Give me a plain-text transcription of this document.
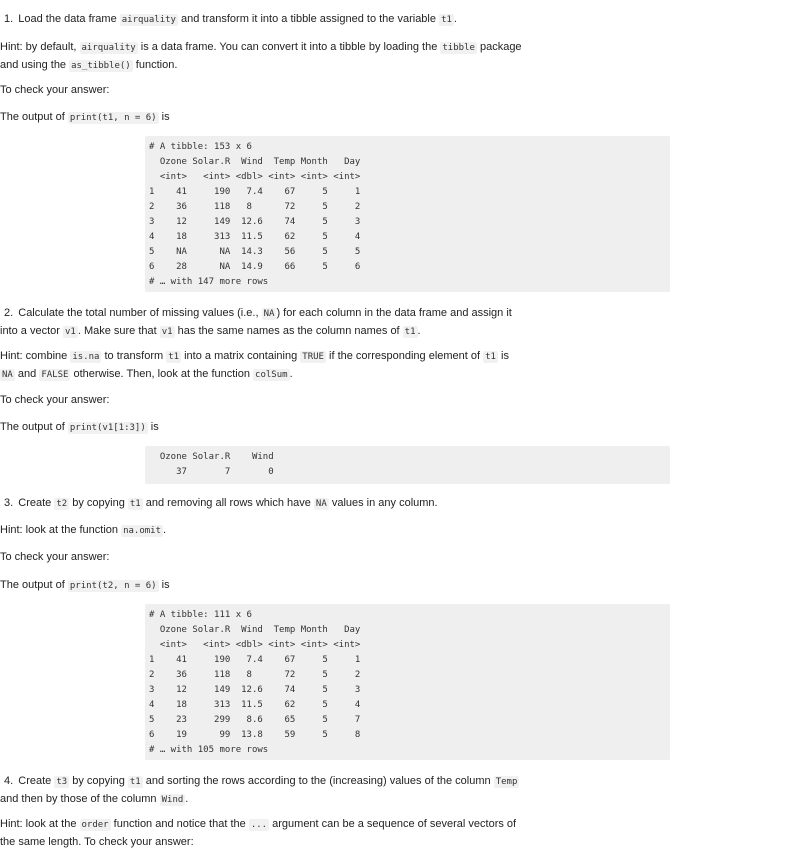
1. Load the data frame airquality and transform it into a tibble assigned to the variable t1 .

Hint: by default, airquality is a data frame. You can convert it into a tibble by loading the tibble package and using the as_tibble() function.

To check your answer:

The output of print(t1, n = 6) is

# A tibble: 153 x 6
Ozone Solar.R  Wind  Temp Month   Day
<int>   <int> <dbl> <int> <int> <int>
1    41     190   7.4    67     5     1
2    36     118   8      72     5     2
3    12     149  12.6    74     5     3
4    18     313  11.5    62     5     4
5    NA      NA  14.3    56     5     5
6    28      NA  14.9    66     5     6
# … with 147 more rows

2. Calculate the total number of missing values (i.e., NA ) for each column in the data frame and assign it into a vector v1 . Make sure that v1 has the same names as the column names of t1 .

Hint: combine is.na to transform t1 into a matrix containing TRUE if the corresponding element of t1 is NA and FALSE otherwise. Then, look at the function colSum .

To check your answer:

The output of print(v1[1:3]) is

Ozone Solar.R    Wind
37       7       0

3. Create t2 by copying t1 and removing all rows which have NA values in any column.

Hint: look at the function na.omit .

To check your answer:

The output of print(t2, n = 6) is

# A tibble: 111 x 6
Ozone Solar.R  Wind  Temp Month   Day
<int>   <int> <dbl> <int> <int> <int>
1    41     190   7.4    67     5     1
2    36     118   8      72     5     2
3    12     149  12.6    74     5     3
4    18     313  11.5    62     5     4
5    23     299   8.6    65     5     7
6    19      99  13.8    59     5     8
# … with 105 more rows

4. Create t3 by copying t1 and sorting the rows according to the (increasing) values of the column Temp and then by those of the column Wind .

Hint: look at the order function and notice that the ... argument can be a sequence of several vectors of the same length. To check your answer:
